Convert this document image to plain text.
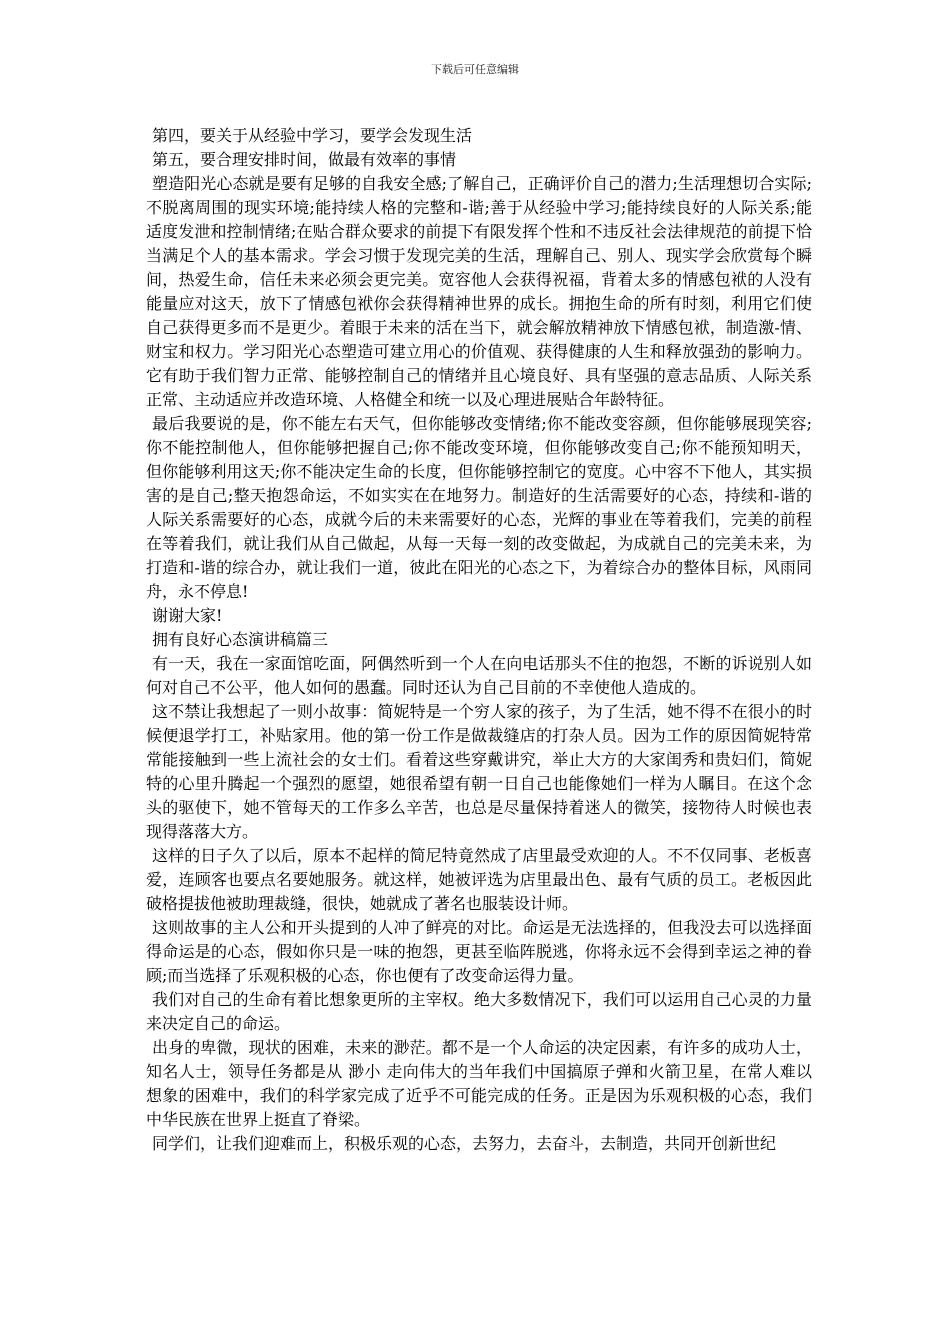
下载后可任意编辑

第四，要关于从经验中学习，要学会发现生活

第五，要合理安排时间，做最有效率的事情

塑造阳光心态就是要有足够的自我安全感;了解自己，正确评价自己的潜力;生活理想切合实际;不脱离周围的现实环境;能持续人格的完整和-谐;善于从经验中学习;能持续良好的人际关系;能适度发泄和控制情绪;在贴合群众要求的前提下有限发挥个性和不违反社会法律规范的前提下恰当满足个人的基本需求。学会习惯于发现完美的生活，理解自己、别人、现实学会欣赏每个瞬间，热爱生命，信任未来必须会更完美。宽容他人会获得祝福，背着太多的情感包袱的人没有能量应对这天，放下了情感包袱你会获得精神世界的成长。拥抱生命的所有时刻，利用它们使自己获得更多而不是更少。着眼于未来的活在当下，就会解放精神放下情感包袱，制造激-情、财宝和权力。学习阳光心态塑造可建立用心的价值观、获得健康的人生和释放强劲的影响力。它有助于我们智力正常、能够控制自己的情绪并且心境良好、具有坚强的意志品质、人际关系正常、主动适应并改造环境、人格健全和统一以及心理进展贴合年龄特征。

最后我要说的是，你不能左右天气，但你能够改变情绪;你不能改变容颜，但你能够展现笑容;你不能控制他人，但你能够把握自己;你不能改变环境，但你能够改变自己;你不能预知明天，但你能够利用这天;你不能决定生命的长度，但你能够控制它的宽度。心中容不下他人，其实损害的是自己;整天抱怨命运，不如实实在在地努力。制造好的生活需要好的心态，持续和-谐的人际关系需要好的心态，成就今后的未来需要好的心态，光辉的事业在等着我们，完美的前程在等着我们，就让我们从自己做起，从每一天每一刻的改变做起，为成就自己的完美未来，为打造和-谐的综合办，就让我们一道，彼此在阳光的心态之下，为着综合办的整体目标，风雨同舟，永不停息!

谢谢大家!

拥有良好心态演讲稿篇三

有一天，我在一家面馆吃面，阿偶然听到一个人在向电话那头不住的抱怨，不断的诉说别人如何对自己不公平，他人如何的愚蠢。同时还认为自己目前的不幸使他人造成的。

这不禁让我想起了一则小故事：简妮特是一个穷人家的孩子，为了生活，她不得不在很小的时候便退学打工，补贴家用。他的第一份工作是做裁缝店的打杂人员。因为工作的原因简妮特常常能接触到一些上流社会的女士们。看着这些穿戴讲究，举止大方的大家闺秀和贵妇们，简妮特的心里升腾起一个强烈的愿望，她很希望有朝一日自己也能像她们一样为人瞩目。在这个念头的驱使下，她不管每天的工作多么辛苦，也总是尽量保持着迷人的微笑，接物待人时候也表现得落落大方。

这样的日子久了以后，原本不起样的简尼特竟然成了店里最受欢迎的人。不不仅同事、老板喜爱，连顾客也要点名要她服务。就这样，她被评选为店里最出色、最有气质的员工。老板因此破格提拔他被助理裁缝，很快，她就成了著名也服装设计师。

这则故事的主人公和开头提到的人冲了鲜亮的对比。命运是无法选择的，但我没去可以选择面得命运是的心态，假如你只是一味的抱怨，更甚至临阵脱逃，你将永远不会得到幸运之神的眷顾;而当选择了乐观积极的心态，你也便有了改变命运得力量。

我们对自己的生命有着比想象更所的主宰权。绝大多数情况下，我们可以运用自己心灵的力量来决定自己的命运。

出身的卑微，现状的困难，未来的渺茫。都不是一个人命运的决定因素，有许多的成功人士，知名人士，领导任务都是从 渺小 走向伟大的当年我们中国搞原子弹和火箭卫星，在常人难以想象的困难中，我们的科学家完成了近乎不可能完成的任务。正是因为乐观积极的心态，我们中华民族在世界上挺直了脊梁。

同学们，让我们迎难而上，积极乐观的心态，去努力，去奋斗，去制造，共同开创新世纪
